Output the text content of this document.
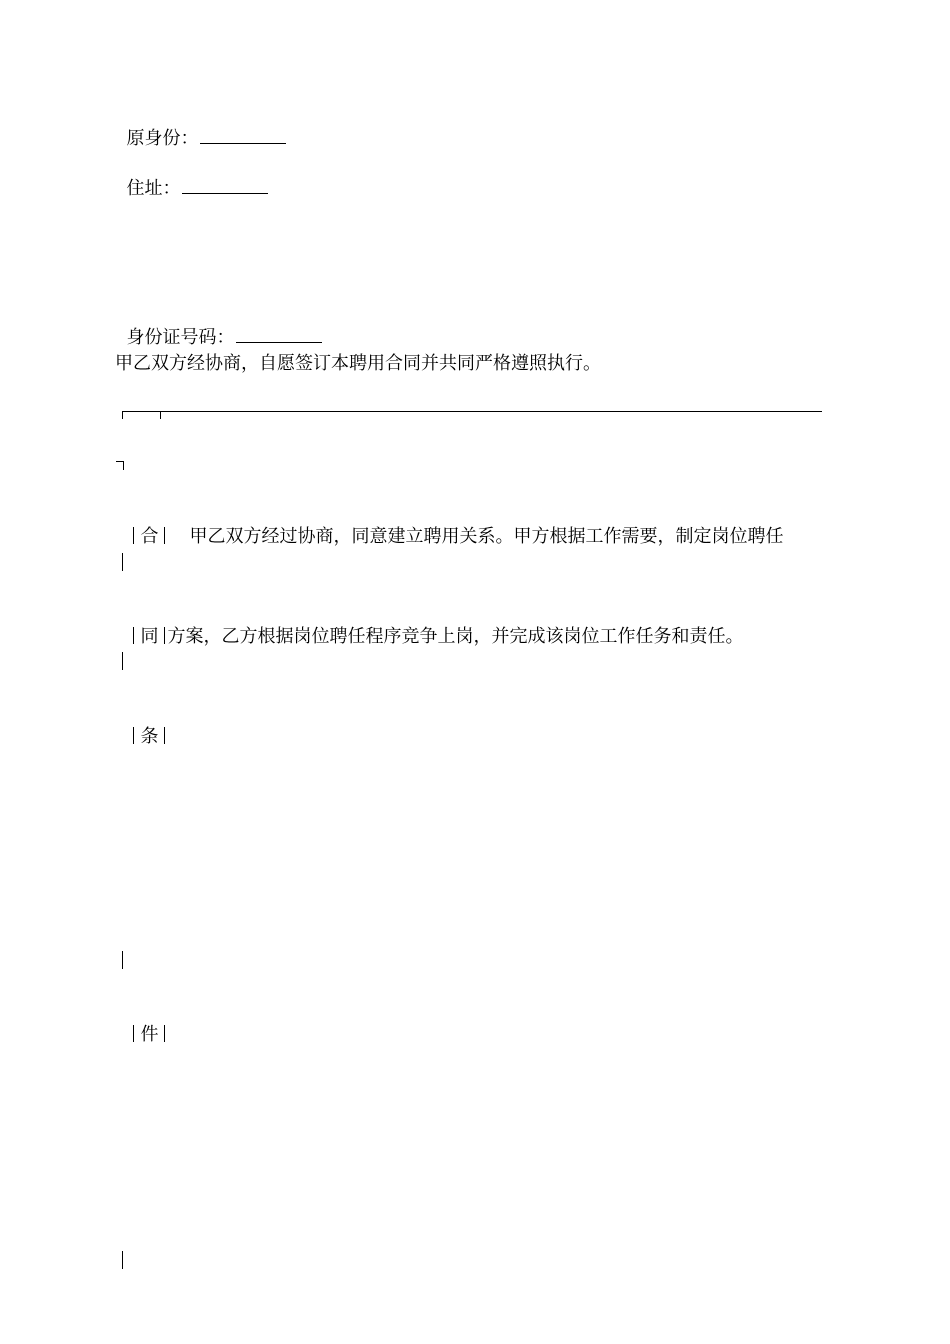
原身份：

住址：

身份证号码：

甲乙双方经协商，自愿签订本聘用合同并共同严格遵照执行。

合 甲乙双方经过协商，同意建立聘用关系。甲方根据工作需要，制定岗位聘任

同 方案，乙方根据岗位聘任程序竞争上岗，并完成该岗位工作任务和责任。

条

件
